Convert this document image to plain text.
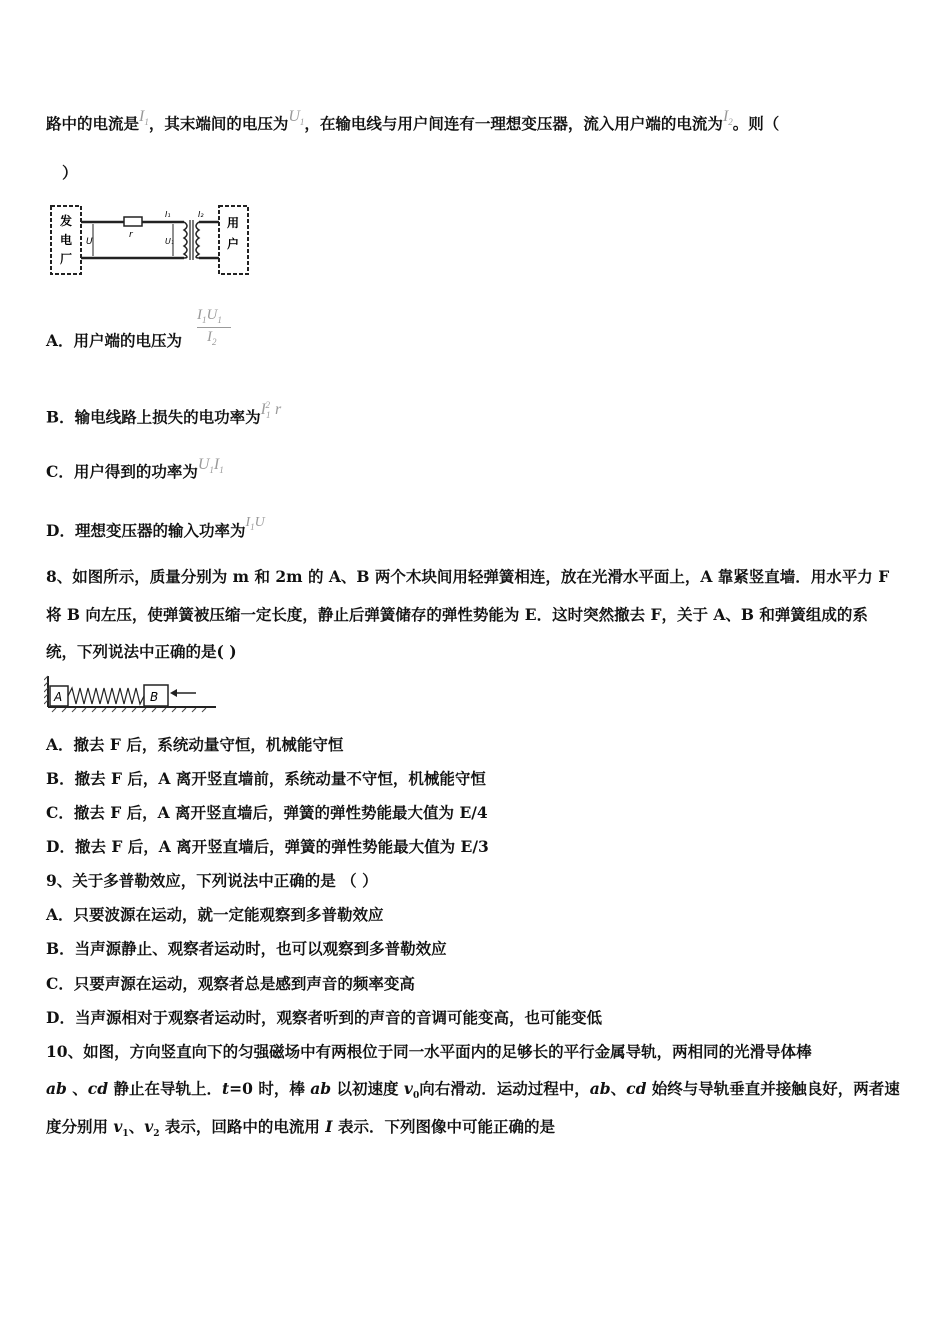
路中的电流是$I_1$，其末端间的电压为$U_1$，在输电线与用户间连有一理想变压器，流入用户端的电流为$I_2$。则（
）
发
电
厂
U
r
I₁
U₁
I₂
用
户
A．用户端的电压为
$I_1U_1$
$I_2$
B．输电线路上损失的电功率为$I_1^2$ r
C．用户得到的功率为$U_1I_1$
D．理想变压器的输入功率为$I_1U$
8、如图所示，质量分别为 m 和 2m 的 A、B 两个木块间用轻弹簧相连，放在光滑水平面上，A 靠紧竖直墙．用水平力 F
将 B 向左压，使弹簧被压缩一定长度，静止后弹簧储存的弹性势能为 E．这时突然撤去 F，关于 A、B 和弹簧组成的系
统，下列说法中正确的是( )
A	B
A．撤去 F 后，系统动量守恒，机械能守恒
B．撤去 F 后，A 离开竖直墙前，系统动量不守恒，机械能守恒
C．撤去 F 后，A 离开竖直墙后，弹簧的弹性势能最大值为 E/4
D．撤去 F 后，A 离开竖直墙后，弹簧的弹性势能最大值为 E/3
9、关于多普勒效应，下列说法中正确的是 （ ）
A．只要波源在运动，就一定能观察到多普勒效应
B．当声源静止、观察者运动时，也可以观察到多普勒效应
C．只要声源在运动，观察者总是感到声音的频率变高
D．当声源相对于观察者运动时，观察者听到的声音的音调可能变高，也可能变低
10、如图，方向竖直向下的匀强磁场中有两根位于同一水平面内的足够长的平行金属导轨，两相同的光滑导体棒
ab 、cd 静止在导轨上．t=0 时，棒 ab 以初速度 $v_0$向右滑动．运动过程中，ab、cd 始终与导轨垂直并接触良好，两者速
度分别用 $v_1$、$v_2$ 表示，回路中的电流用 I 表示．下列图像中可能正确的是
